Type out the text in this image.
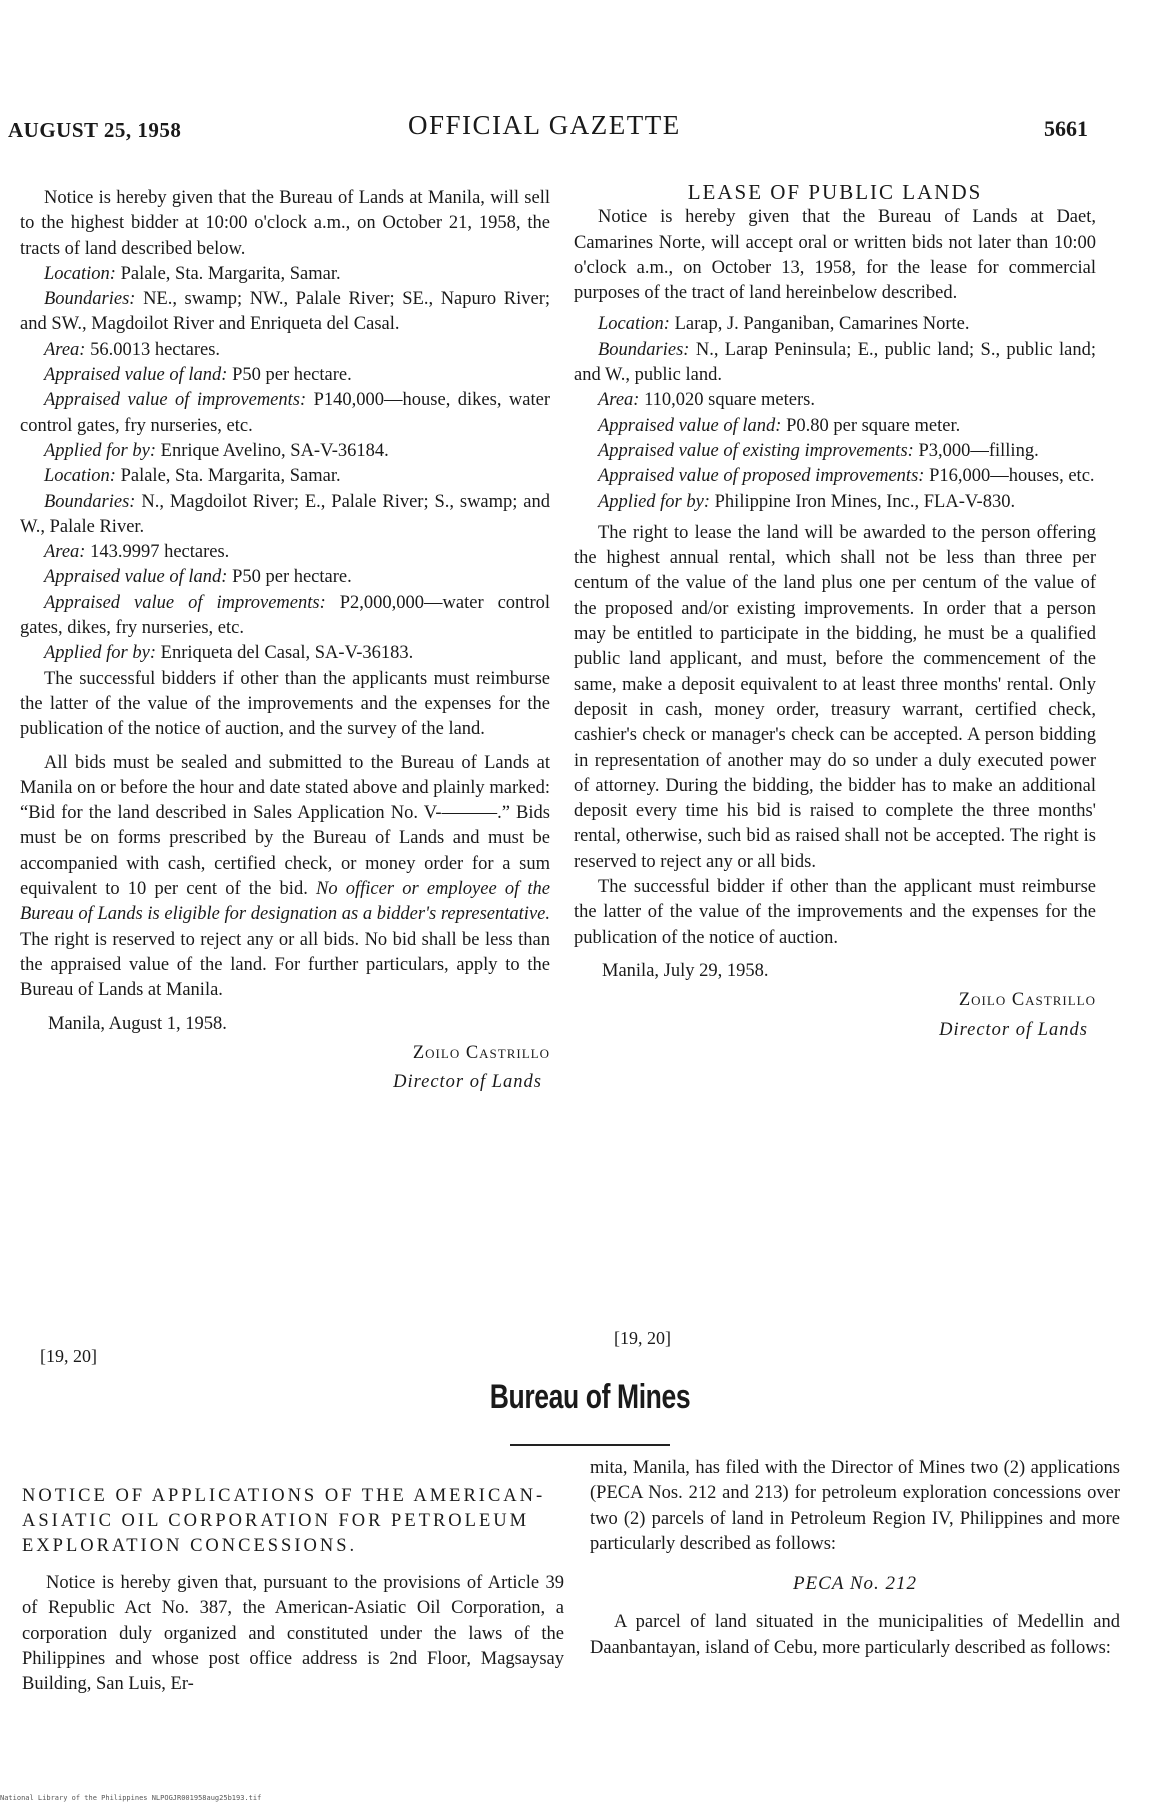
AUGUST 25, 1958	OFFICIAL GAZETTE	5661

Notice is hereby given that the Bureau of Lands at Manila, will sell to the highest bidder at 10:00 o'clock a.m., on October 21, 1958, the tracts of land described below.

Location: Palale, Sta. Margarita, Samar.

Boundaries: NE., swamp; NW., Palale River; SE., Napuro River; and SW., Magdoilot River and Enriqueta del Casal.

Area: 56.0013 hectares.

Appraised value of land: P50 per hectare.

Appraised value of improvements: P140,000—house, dikes, water control gates, fry nurseries, etc.

Applied for by: Enrique Avelino, SA-V-36184.

Location: Palale, Sta. Margarita, Samar.

Boundaries: N., Magdoilot River; E., Palale River; S., swamp; and W., Palale River.

Area: 143.9997 hectares.

Appraised value of land: P50 per hectare.

Appraised value of improvements: P2,000,000—water control gates, dikes, fry nurseries, etc.

Applied for by: Enriqueta del Casal, SA-V-36183.

The successful bidders if other than the applicants must reimburse the latter of the value of the improvements and the expenses for the publication of the notice of auction, and the survey of the land.

All bids must be sealed and submitted to the Bureau of Lands at Manila on or before the hour and date stated above and plainly marked: “Bid for the land described in Sales Application No. V-———.” Bids must be on forms prescribed by the Bureau of Lands and must be accompanied with cash, certified check, or money order for a sum equivalent to 10 per cent of the bid. No officer or employee of the Bureau of Lands is eligible for designation as a bidder's representative. The right is reserved to reject any or all bids. No bid shall be less than the appraised value of the land. For further particulars, apply to the Bureau of Lands at Manila.

Manila, August 1, 1958.

Zoilo Castrillo

Director of Lands

[19, 20]

LEASE OF PUBLIC LANDS

Notice is hereby given that the Bureau of Lands at Daet, Camarines Norte, will accept oral or written bids not later than 10:00 o'clock a.m., on October 13, 1958, for the lease for commercial purposes of the tract of land hereinbelow described.

Location: Larap, J. Panganiban, Camarines Norte.

Boundaries: N., Larap Peninsula; E., public land; S., public land; and W., public land.

Area: 110,020 square meters.

Appraised value of land: P0.80 per square meter.

Appraised value of existing improvements: P3,000—filling.

Appraised value of proposed improvements: P16,000—houses, etc.

Applied for by: Philippine Iron Mines, Inc., FLA-V-830.

The right to lease the land will be awarded to the person offering the highest annual rental, which shall not be less than three per centum of the value of the land plus one per centum of the value of the proposed and/or existing improvements. In order that a person may be entitled to participate in the bidding, he must be a qualified public land applicant, and must, before the commencement of the same, make a deposit equivalent to at least three months' rental. Only deposit in cash, money order, treasury warrant, certified check, cashier's check or manager's check can be accepted. A person bidding in representation of another may do so under a duly executed power of attorney. During the bidding, the bidder has to make an additional deposit every time his bid is raised to complete the three months' rental, otherwise, such bid as raised shall not be accepted. The right is reserved to reject any or all bids.

The successful bidder if other than the applicant must reimburse the latter of the value of the improvements and the expenses for the publication of the notice of auction.

Manila, July 29, 1958.

Zoilo Castrillo

Director of Lands

[19, 20]
Bureau of Mines

NOTICE OF APPLICATIONS OF THE AMERICAN-ASIATIC OIL CORPORATION FOR PETROLEUM EXPLORATION CONCESSIONS.

Notice is hereby given that, pursuant to the provisions of Article 39 of Republic Act No. 387, the American-Asiatic Oil Corporation, a corporation duly organized and constituted under the laws of the Philippines and whose post office address is 2nd Floor, Magsaysay Building, San Luis, Er-

mita, Manila, has filed with the Director of Mines two (2) applications (PECA Nos. 212 and 213) for petroleum exploration concessions over two (2) parcels of land in Petroleum Region IV, Philippines and more particularly described as follows:

PECA No. 212

A parcel of land situated in the municipalities of Medellin and Daanbantayan, island of Cebu, more particularly described as follows:

National Library of the Philippines NLPOGJR001958aug25b193.tif
